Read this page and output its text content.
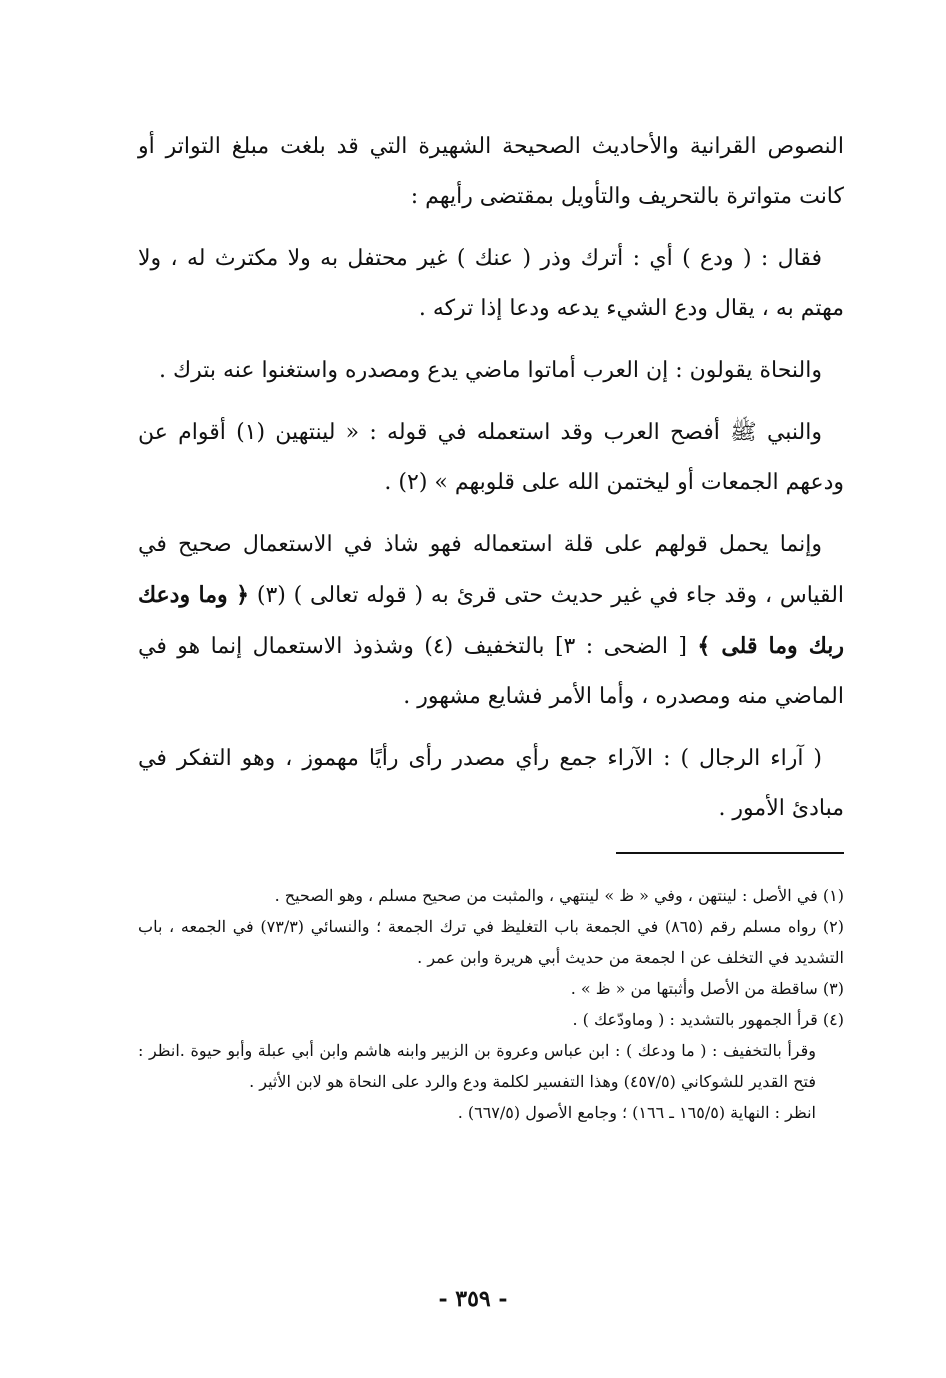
النصوص القرانية والأحاديث الصحيحة الشهيرة التي قد بلغت مبلغ التواتر أو كانت متواترة بالتحريف والتأويل بمقتضى رأيهم :

فقال : ( ودع ) أي : أترك وذر ( عنك ) غير محتفل به ولا مكترث له ، ولا مهتم به ، يقال ودع الشيء يدعه ودعا إذا تركه .

والنحاة يقولون : إن العرب أماتوا ماضي يدع ومصدره واستغنوا عنه بترك .

والنبي ﷺ أفصح العرب وقد استعمله في قوله : « لينتهين (١) أقوام عن ودعهم الجمعات أو ليختمن الله على قلوبهم » (٢) .

وإنما يحمل قولهم على قلة استعماله فهو شاذ في الاستعمال صحيح في القياس ، وقد جاء في غير حديث حتى قرئ به ( قوله تعالى ) (٣) ﴿ وما ودعك ربك وما قلى ﴾ [ الضحى : ٣] بالتخفيف (٤) وشذوذ الاستعمال إنما هو في الماضي منه ومصدره ، وأما الأمر فشايع مشهور .

( آراء الرجال ) : الآراء جمع رأي مصدر رأى رأيًا مهموز ، وهو التفكر في مبادئ الأمور .

(١) في الأصل : لينتهن ، وفي « ظ » لينتهي ، والمثبت من صحيح مسلم ، وهو الصحيح .

(٢) رواه مسلم رقم (٨٦٥) في الجمعة باب التغليظ في ترك الجمعة ؛ والنسائي (٧٣/٣) في الجمعه ، باب التشديد في التخلف عن ا لجمعة من حديث أبي هريرة وابن عمر .

(٣) ساقطة من الأصل وأثبتها من « ظ » .

(٤) قرأ الجمهور بالتشديد : ( وماودّعك ) .

وقرأ بالتخفيف : ( ما ودعك ) : ابن عباس وعروة بن الزبير وابنه هاشم وابن أبي عبلة وأبو حيوة .انظر : فتح القدير للشوكاني (٤٥٧/٥) وهذا التفسير لكلمة ودع والرد على النحاة هو لابن الأثير .

انظر : النهاية (١٦٥/٥ ـ ١٦٦) ؛ وجامع الأصول (٦٦٧/٥) .

- ٣٥٩ -
